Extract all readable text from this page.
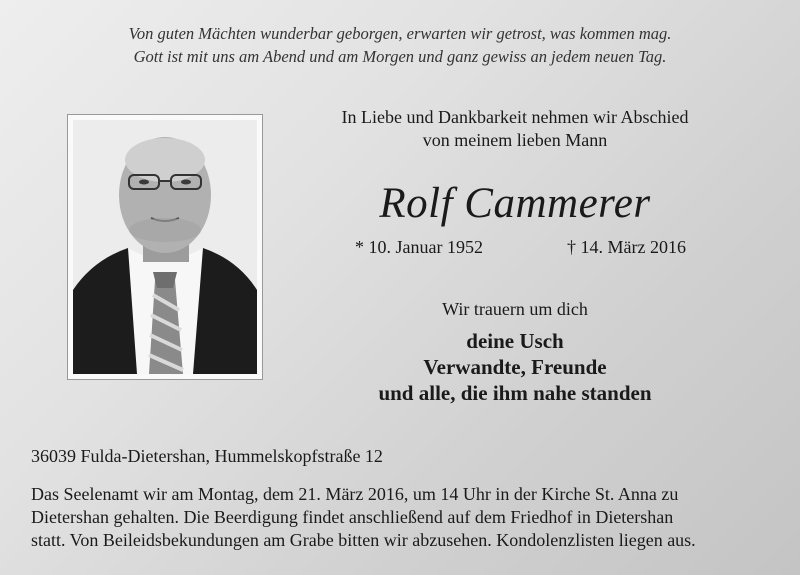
Von guten Mächten wunderbar geborgen, erwarten wir getrost, was kommen mag.
Gott ist mit uns am Abend und am Morgen und ganz gewiss an jedem neuen Tag.
In Liebe und Dankbarkeit nehmen wir Abschied
von meinem lieben Mann
Rolf Cammerer
* 10. Januar 1952	† 14. März 2016
Wir trauern um dich
deine Usch
Verwandte, Freunde
und alle, die ihm nahe standen
36039 Fulda-Dietershan, Hummelskopfstraße 12
Das Seelenamt wir am Montag, dem 21. März 2016, um 14 Uhr in der Kirche St. Anna zu
Dietershan gehalten. Die Beerdigung findet anschließend auf dem Friedhof in Dietershan
statt. Von Beileidsbekundungen am Grabe bitten wir abzusehen. Kondolenzlisten liegen aus.
